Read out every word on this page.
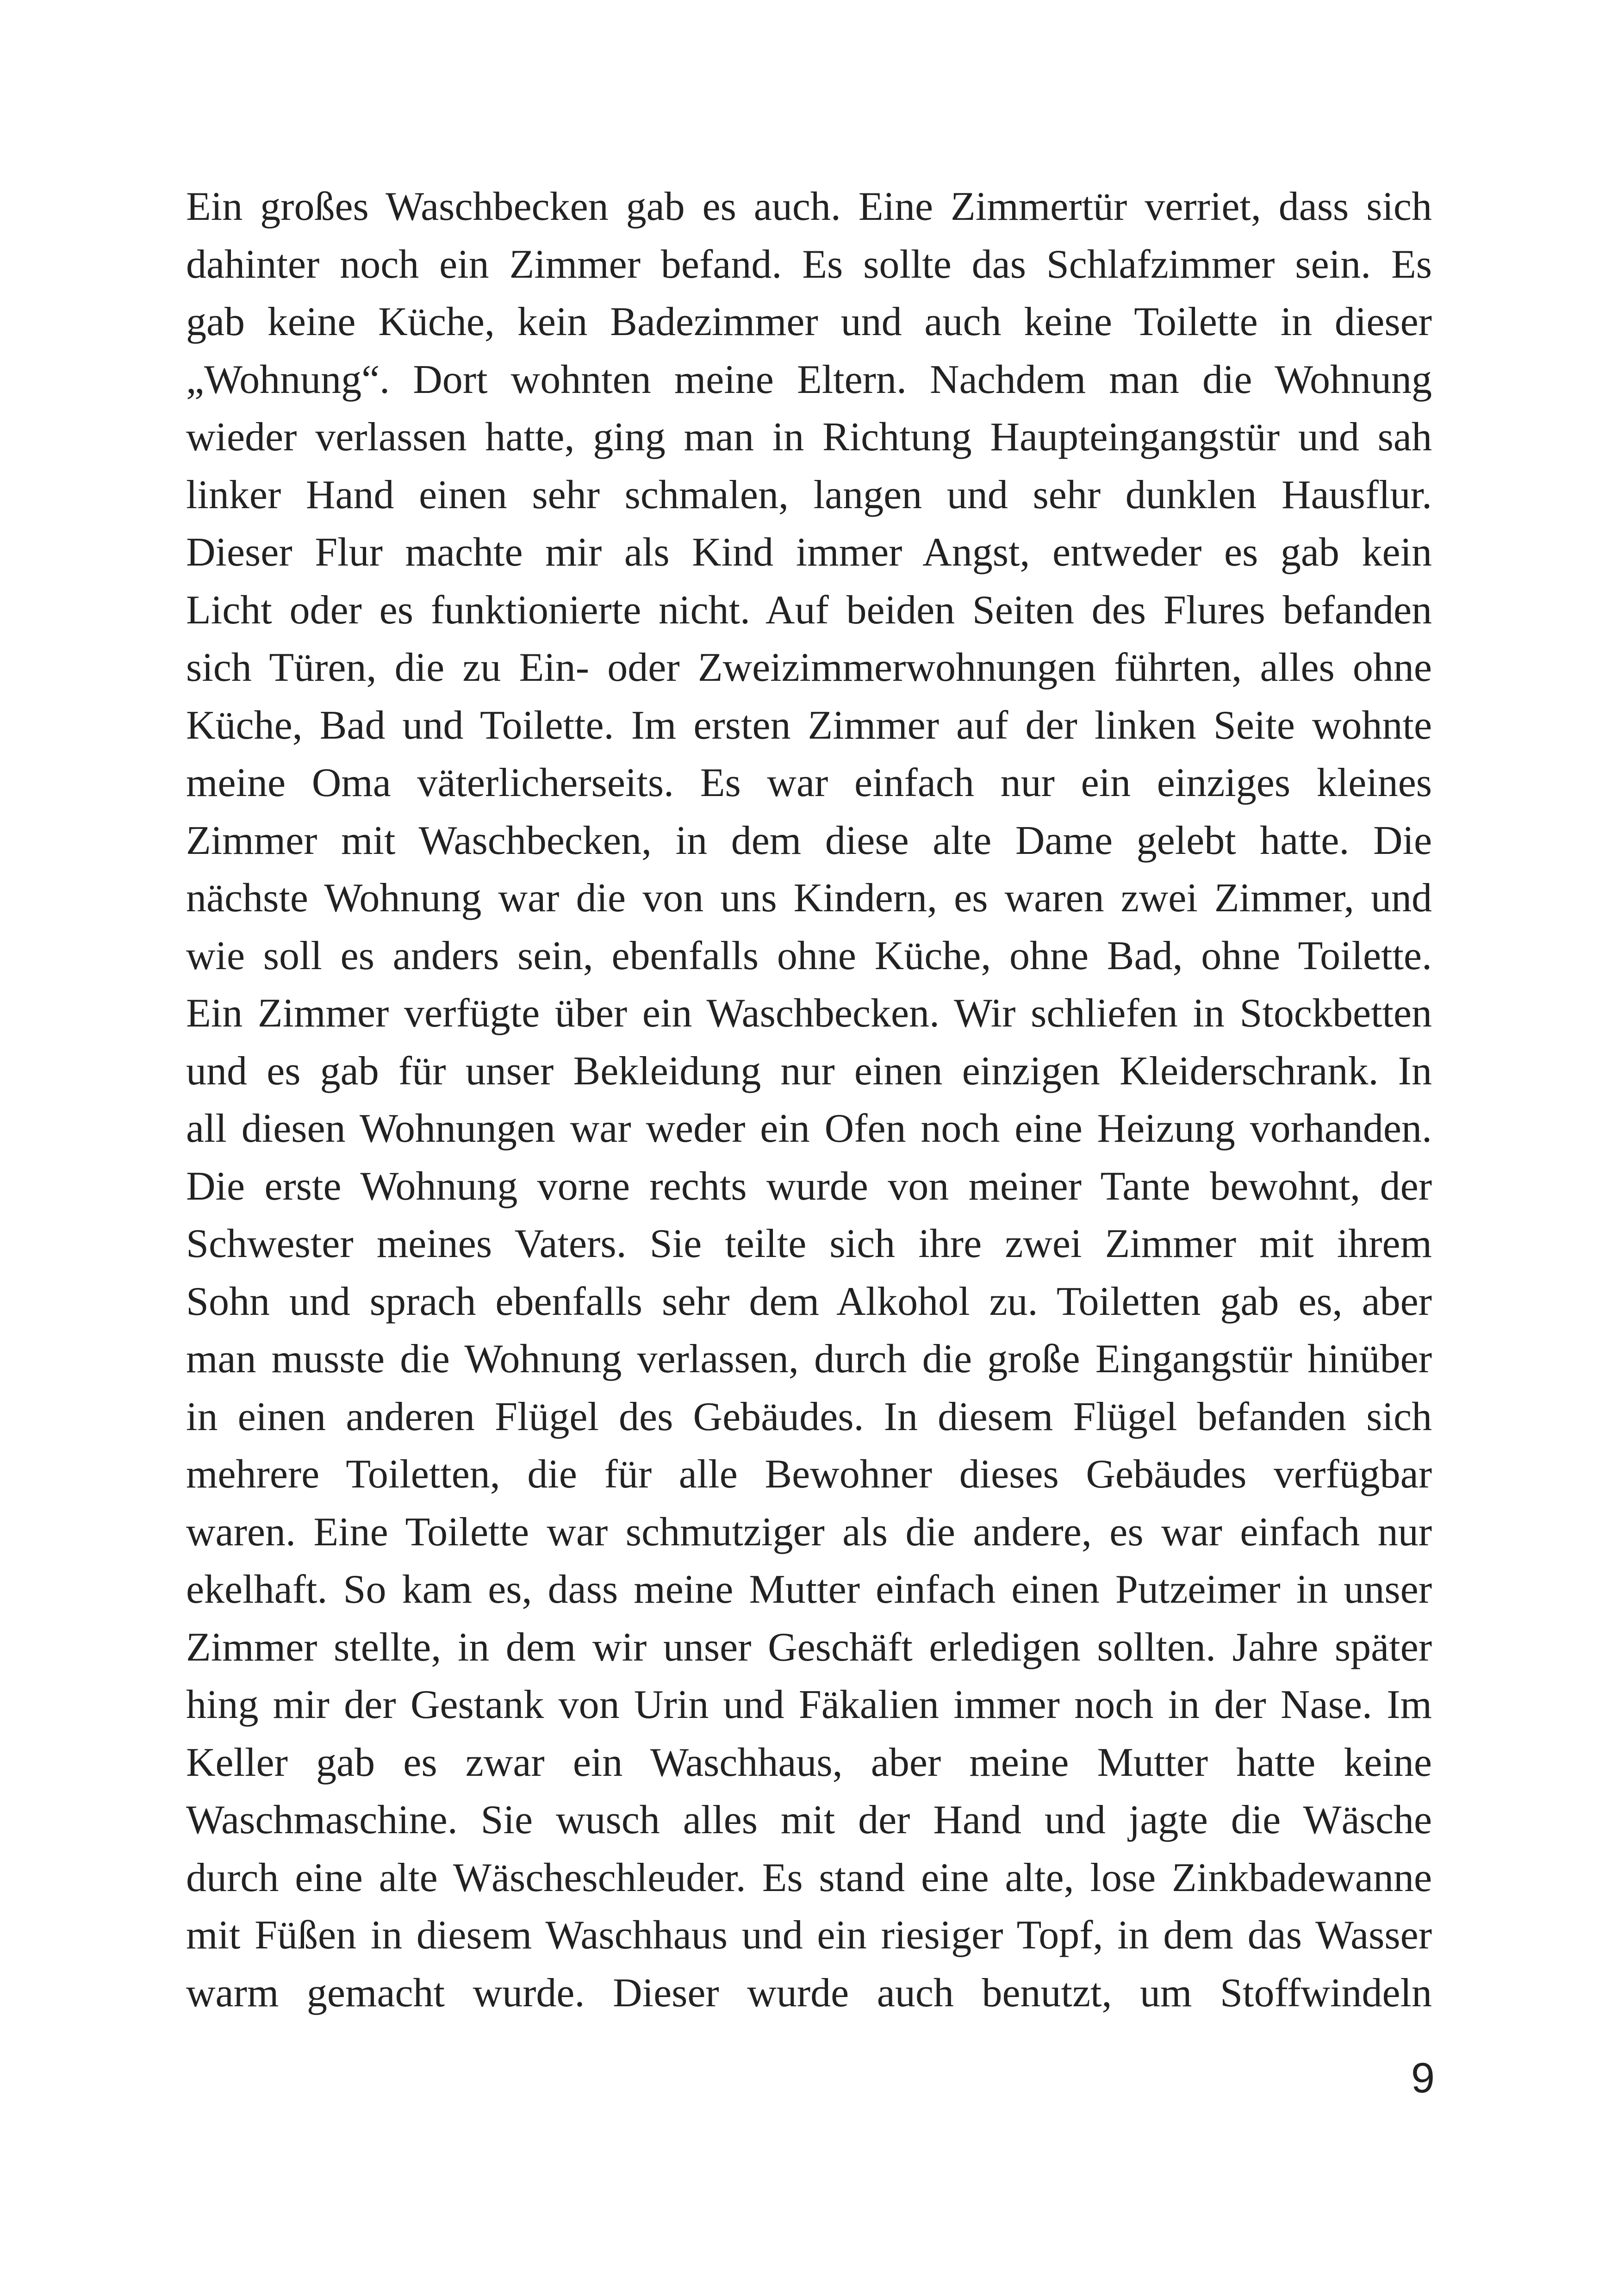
Ein großes Waschbecken gab es auch. Eine Zimmertür verriet, dass sich
dahinter noch ein Zimmer befand. Es sollte das Schlafzimmer sein. Es
gab keine Küche, kein Badezimmer und auch keine Toilette in dieser
„Wohnung“. Dort wohnten meine Eltern. Nachdem man die Wohnung
wieder verlassen hatte, ging man in Richtung Haupteingangstür und sah
linker Hand einen sehr schmalen, langen und sehr dunklen Hausflur.
Dieser Flur machte mir als Kind immer Angst, entweder es gab kein
Licht oder es funktionierte nicht. Auf beiden Seiten des Flures befanden
sich Türen, die zu Ein- oder Zweizimmerwohnungen führten, alles ohne
Küche, Bad und Toilette. Im ersten Zimmer auf der linken Seite wohnte
meine Oma väterlicherseits. Es war einfach nur ein einziges kleines
Zimmer mit Waschbecken, in dem diese alte Dame gelebt hatte. Die
nächste Wohnung war die von uns Kindern, es waren zwei Zimmer, und
wie soll es anders sein, ebenfalls ohne Küche, ohne Bad, ohne Toilette.
Ein Zimmer verfügte über ein Waschbecken. Wir schliefen in Stockbetten
und es gab für unser Bekleidung nur einen einzigen Kleiderschrank. In
all diesen Wohnungen war weder ein Ofen noch eine Heizung vorhanden.
Die erste Wohnung vorne rechts wurde von meiner Tante bewohnt, der
Schwester meines Vaters. Sie teilte sich ihre zwei Zimmer mit ihrem
Sohn und sprach ebenfalls sehr dem Alkohol zu. Toiletten gab es, aber
man musste die Wohnung verlassen, durch die große Eingangstür hinüber
in einen anderen Flügel des Gebäudes. In diesem Flügel befanden sich
mehrere Toiletten, die für alle Bewohner dieses Gebäudes verfügbar
waren. Eine Toilette war schmutziger als die andere, es war einfach nur
ekelhaft. So kam es, dass meine Mutter einfach einen Putzeimer in unser
Zimmer stellte, in dem wir unser Geschäft erledigen sollten. Jahre später
hing mir der Gestank von Urin und Fäkalien immer noch in der Nase. Im
Keller gab es zwar ein Waschhaus, aber meine Mutter hatte keine
Waschmaschine. Sie wusch alles mit der Hand und jagte die Wäsche
durch eine alte Wäscheschleuder. Es stand eine alte, lose Zinkbadewanne
mit Füßen in diesem Waschhaus und ein riesiger Topf, in dem das Wasser
warm gemacht wurde. Dieser wurde auch benutzt, um Stoffwindeln
9
